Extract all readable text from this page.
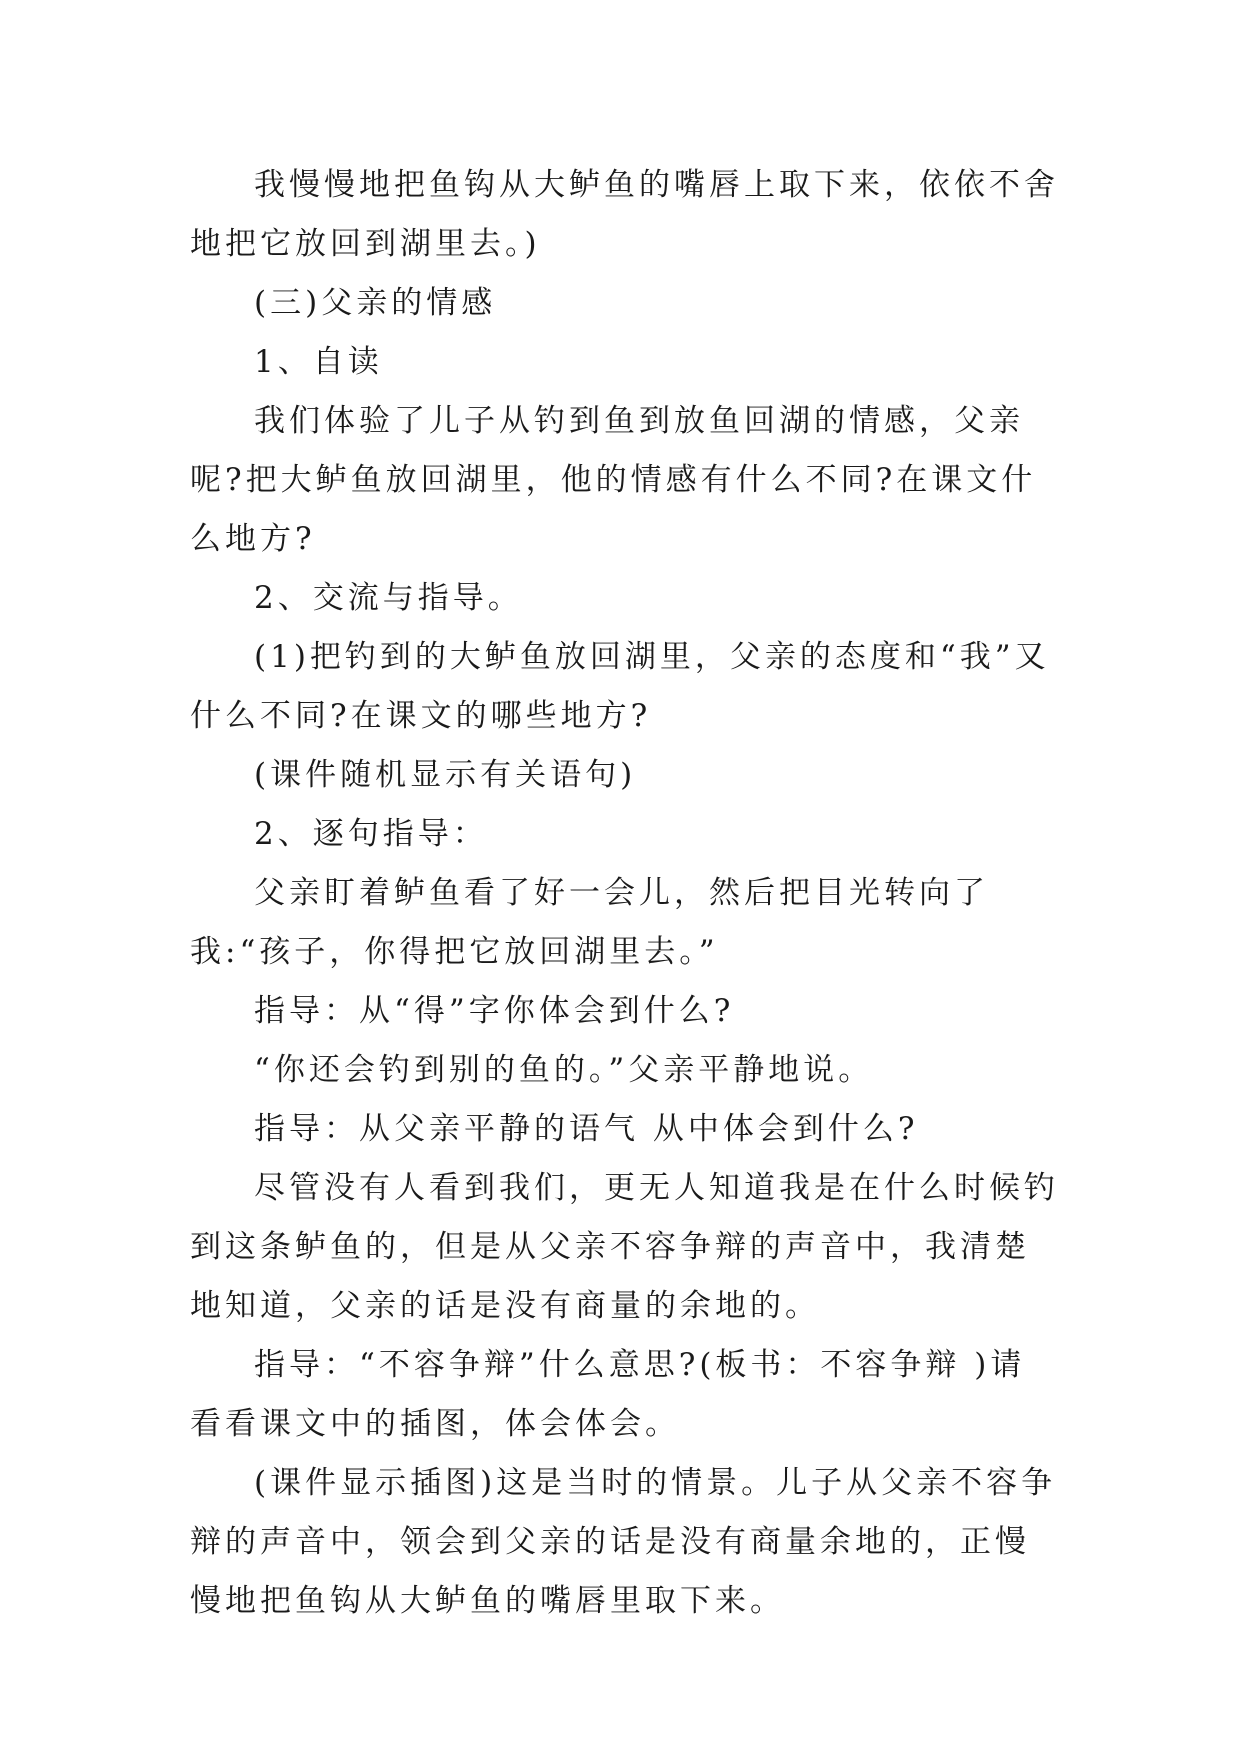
我慢慢地把鱼钩从大鲈鱼的嘴唇上取下来，依依不舍地把它放回到湖里去。)

(三)父亲的情感

1、自读

我们体验了儿子从钓到鱼到放鱼回湖的情感，父亲呢?把大鲈鱼放回湖里，他的情感有什么不同?在课文什么地方?

2、交流与指导。

(1)把钓到的大鲈鱼放回湖里，父亲的态度和“我”又什么不同?在课文的哪些地方?

(课件随机显示有关语句)

2、逐句指导：

父亲盯着鲈鱼看了好一会儿，然后把目光转向了我:“孩子，你得把它放回湖里去。”

指导：从“得”字你体会到什么?

“你还会钓到别的鱼的。”父亲平静地说。

指导：从父亲平静的语气 从中体会到什么?

尽管没有人看到我们，更无人知道我是在什么时候钓到这条鲈鱼的，但是从父亲不容争辩的声音中，我清楚地知道，父亲的话是没有商量的余地的。

指导：“不容争辩”什么意思?(板书：不容争辩 )请看看课文中的插图，体会体会。

(课件显示插图)这是当时的情景。儿子从父亲不容争辩的声音中，领会到父亲的话是没有商量余地的，正慢慢地把鱼钩从大鲈鱼的嘴唇里取下来。
